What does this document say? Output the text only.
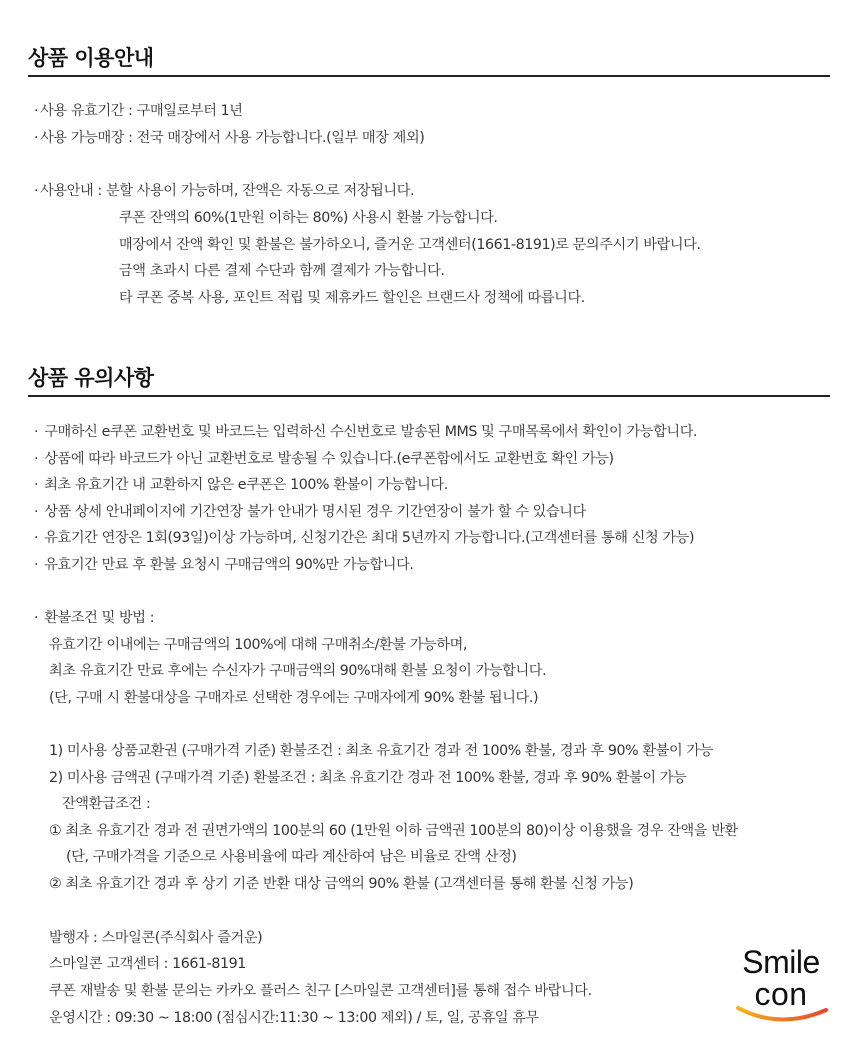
상품 이용안내
· 사용 유효기간 : 구매일로부터 1년
· 사용 가능매장 : 전국 매장에서 사용 가능합니다.(일부 매장 제외)
· 사용안내 : 분할 사용이 가능하며, 잔액은 자동으로 저장됩니다.
쿠폰 잔액의 60%(1만원 이하는 80%) 사용시 환불 가능합니다.
매장에서 잔액 확인 및 환불은 불가하오니, 즐거운 고객센터(1661-8191)로 문의주시기 바랍니다.
금액 초과시 다른 결제 수단과 함께 결제가 가능합니다.
타 쿠폰 중복 사용, 포인트 적립 및 제휴카드 할인은 브랜드사 정책에 따릅니다.
상품 유의사항
· 구매하신 e쿠폰 교환번호 및 바코드는 입력하신 수신번호로 발송된 MMS 및 구매목록에서 확인이 가능합니다.
· 상품에 따라 바코드가 아닌 교환번호로 발송될 수 있습니다.(e쿠폰함에서도 교환번호 확인 가능)
· 최초 유효기간 내 교환하지 않은 e쿠폰은 100% 환불이 가능합니다.
· 상품 상세 안내페이지에 기간연장 불가 안내가 명시된 경우 기간연장이 불가 할 수 있습니다
· 유효기간 연장은 1회(93일)이상 가능하며, 신청기간은 최대 5년까지 가능합니다.(고객센터를 통해 신청 가능)
· 유효기간 만료 후 환불 요청시 구매금액의 90%만 가능합니다.
· 환불조건 및 방법 :
유효기간 이내에는 구매금액의 100%에 대해 구매취소/환불 가능하며,
최초 유효기간 만료 후에는 수신자가 구매금액의 90%대해 환불 요청이 가능합니다.
(단, 구매 시 환불대상을 구매자로 선택한 경우에는 구매자에게 90% 환불 됩니다.)
1) 미사용 상품교환권 (구매가격 기준) 환불조건 : 최초 유효기간 경과 전 100% 환불, 경과 후 90% 환불이 가능
2) 미사용 금액권 (구매가격 기준) 환불조건 : 최초 유효기간 경과 전 100% 환불, 경과 후 90% 환불이 가능
잔액환급조건 :
① 최초 유효기간 경과 전 권면가액의 100분의 60 (1만원 이하 금액권 100분의 80)이상 이용했을 경우 잔액을 반환
(단, 구매가격을 기준으로 사용비율에 따라 계산하여 남은 비율로 잔액 산정)
② 최초 유효기간 경과 후 상기 기준 반환 대상 금액의 90% 환불 (고객센터를 통해 환불 신청 가능)
발행자 : 스마일콘(주식회사 즐거운)
스마일콘 고객센터 : 1661-8191
쿠폰 재발송 및 환불 문의는 카카오 플러스 친구 [스마일콘 고객센터]를 통해 접수 바랍니다.
운영시간 : 09:30 ~ 18:00 (점심시간:11:30 ~ 13:00 제외) / 토, 일, 공휴일 휴무
Smile
con
